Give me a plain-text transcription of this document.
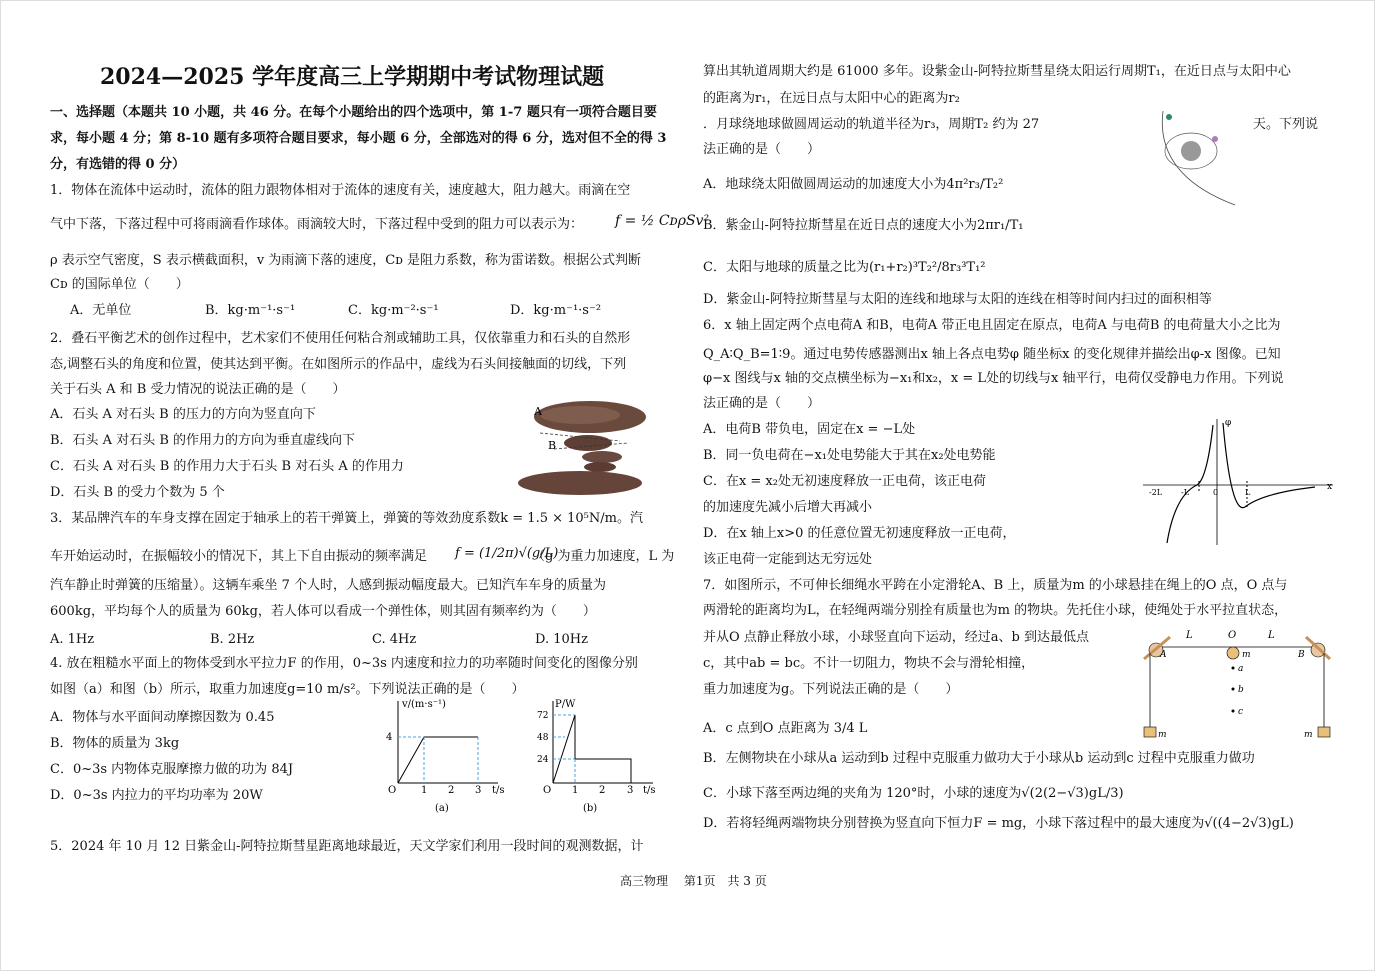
2024—2025 学年度高三上学期期中考试物理试题
一、选择题（本题共 10 小题，共 46 分。在每个小题给出的四个选项中，第 1-7 题只有一项符合题目要
求，每小题 4 分；第 8-10 题有多项符合题目要求，每小题 6 分，全部选对的得 6 分，选对但不全的得 3
分，有选错的得 0 分）
1．物体在流体中运动时，流体的阻力跟物体相对于流体的速度有关，速度越大，阻力越大。雨滴在空
气中下落，下落过程中可将雨滴看作球体。雨滴较大时，下落过程中受到的阻力可以表示为： f = ½ CᴅρSv²
ρ 表示空气密度，S 表示横截面积，v 为雨滴下落的速度，Cᴅ 是阻力系数，称为雷诺数。根据公式判断
Cᴅ 的国际单位（　　）
A．无单位	B．kg·m⁻¹·s⁻¹	C．kg·m⁻²·s⁻¹	D．kg·m⁻¹·s⁻²
2．叠石平衡艺术的创作过程中，艺术家们不使用任何粘合剂或辅助工具，仅依靠重力和石头的自然形
态,调整石头的角度和位置，使其达到平衡。在如图所示的作品中，虚线为石头间接触面的切线，下列
关于石头 A 和 B 受力情况的说法正确的是（　　）
A．石头 A 对石头 B 的压力的方向为竖直向下
B．石头 A 对石头 B 的作用力的方向为垂直虚线向下
C．石头 A 对石头 B 的作用力大于石头 B 对石头 A 的作用力
D．石头 B 的受力个数为 5 个
A
B
3．某品牌汽车的车身支撑在固定于轴承上的若干弹簧上，弹簧的等效劲度系数k = 1.5 × 10⁵N/m。汽
车开始运动时，在振幅较小的情况下，其上下自由振动的频率满足 f = (1/2π)√(g/L)
（g 为重力加速度，L 为
汽车静止时弹簧的压缩量）。这辆车乘坐 7 个人时，人感到振动幅度最大。已知汽车车身的质量为
600kg，平均每个人的质量为 60kg，若人体可以看成一个弹性体，则其固有频率约为（　　）
A. 1Hz	B. 2Hz	C. 4Hz	D. 10Hz
4. 放在粗糙水平面上的物体受到水平拉力F 的作用，0~3s 内速度和拉力的功率随时间变化的图像分别
如图（a）和图（b）所示，取重力加速度g=10 m/s²。下列说法正确的是（　　）
A．物体与水平面间动摩擦因数为 0.45
B．物体的质量为 3kg
C．0~3s 内物体克服摩擦力做的功为 84J
D．0~3s 内拉力的平均功率为 20W
v/(m·s⁻¹)
4
O 1 2 3 t/s
(a)
P/W
72
48
24
O 1 2 3 t/s
(b)
5．2024 年 10 月 12 日紫金山-阿特拉斯彗星距离地球最近，天文学家们利用一段时间的观测数据，计
算出其轨道周期大约是 61000 多年。设紫金山-阿特拉斯彗星绕太阳运行周期T₁，在近日点与太阳中心
的距离为r₁，在远日点与太阳中心的距离为r₂
．月球绕地球做圆周运动的轨道半径为r₃，周期T₂ 约为 27	天。下列说
法正确的是（　　）
A．地球绕太阳做圆周运动的加速度大小为4π²r₃/T₂²
B．紫金山-阿特拉斯彗星在近日点的速度大小为2πr₁/T₁
C．太阳与地球的质量之比为(r₁+r₂)³T₂²/8r₃³T₁²
D．紫金山-阿特拉斯彗星与太阳的连线和地球与太阳的连线在相等时间内扫过的面积相等
6．x 轴上固定两个点电荷A 和B，电荷A 带正电且固定在原点，电荷A 与电荷B 的电荷量大小之比为
Q_A∶Q_B=1∶9。通过电势传感器测出x 轴上各点电势φ 随坐标x 的变化规律并描绘出φ-x 图像。已知
φ−x 图线与x 轴的交点横坐标为−x₁和x₂，x = L处的切线与x 轴平行，电荷仅受静电力作用。下列说
法正确的是（　　）
A．电荷B 带负电，固定在x = −L处
B．同一负电荷在−x₁处电势能大于其在x₂处电势能
C．在x = x₂处无初速度释放一正电荷，该正电荷
的加速度先减小后增大再减小
D．在x 轴上x>0 的任意位置无初速度释放一正电荷，
该正电荷一定能到达无穷远处
φ
x
-2L -L	0	L
7．如图所示，不可伸长细绳水平跨在小定滑轮A、B 上，质量为m 的小球悬挂在绳上的O 点，O 点与
两滑轮的距离均为L，在轻绳两端分别拴有质量也为m 的物块。先托住小球，使绳处于水平拉直状态，
并从O 点静止释放小球，小球竖直向下运动，经过a、b 到达最低点
c，其中ab = bc。不计一切阻力，物块不会与滑轮相撞，
重力加速度为g。下列说法正确的是（　　）
A．c 点到O 点距离为 3/4 L
B．左侧物块在小球从a 运动到b 过程中克服重力做功大于小球从b 运动到c 过程中克服重力做功
C．小球下落至两边绳的夹角为 120°时，小球的速度为√(2(2−√3)gL/3)
D．若将轻绳两端物块分别替换为竖直向下恒力F = mg，小球下落过程中的最大速度为√((4−2√3)gL)
L	O	L
A	B
m
a
b
c
m	m
高三物理　 第1页　共 3 页
